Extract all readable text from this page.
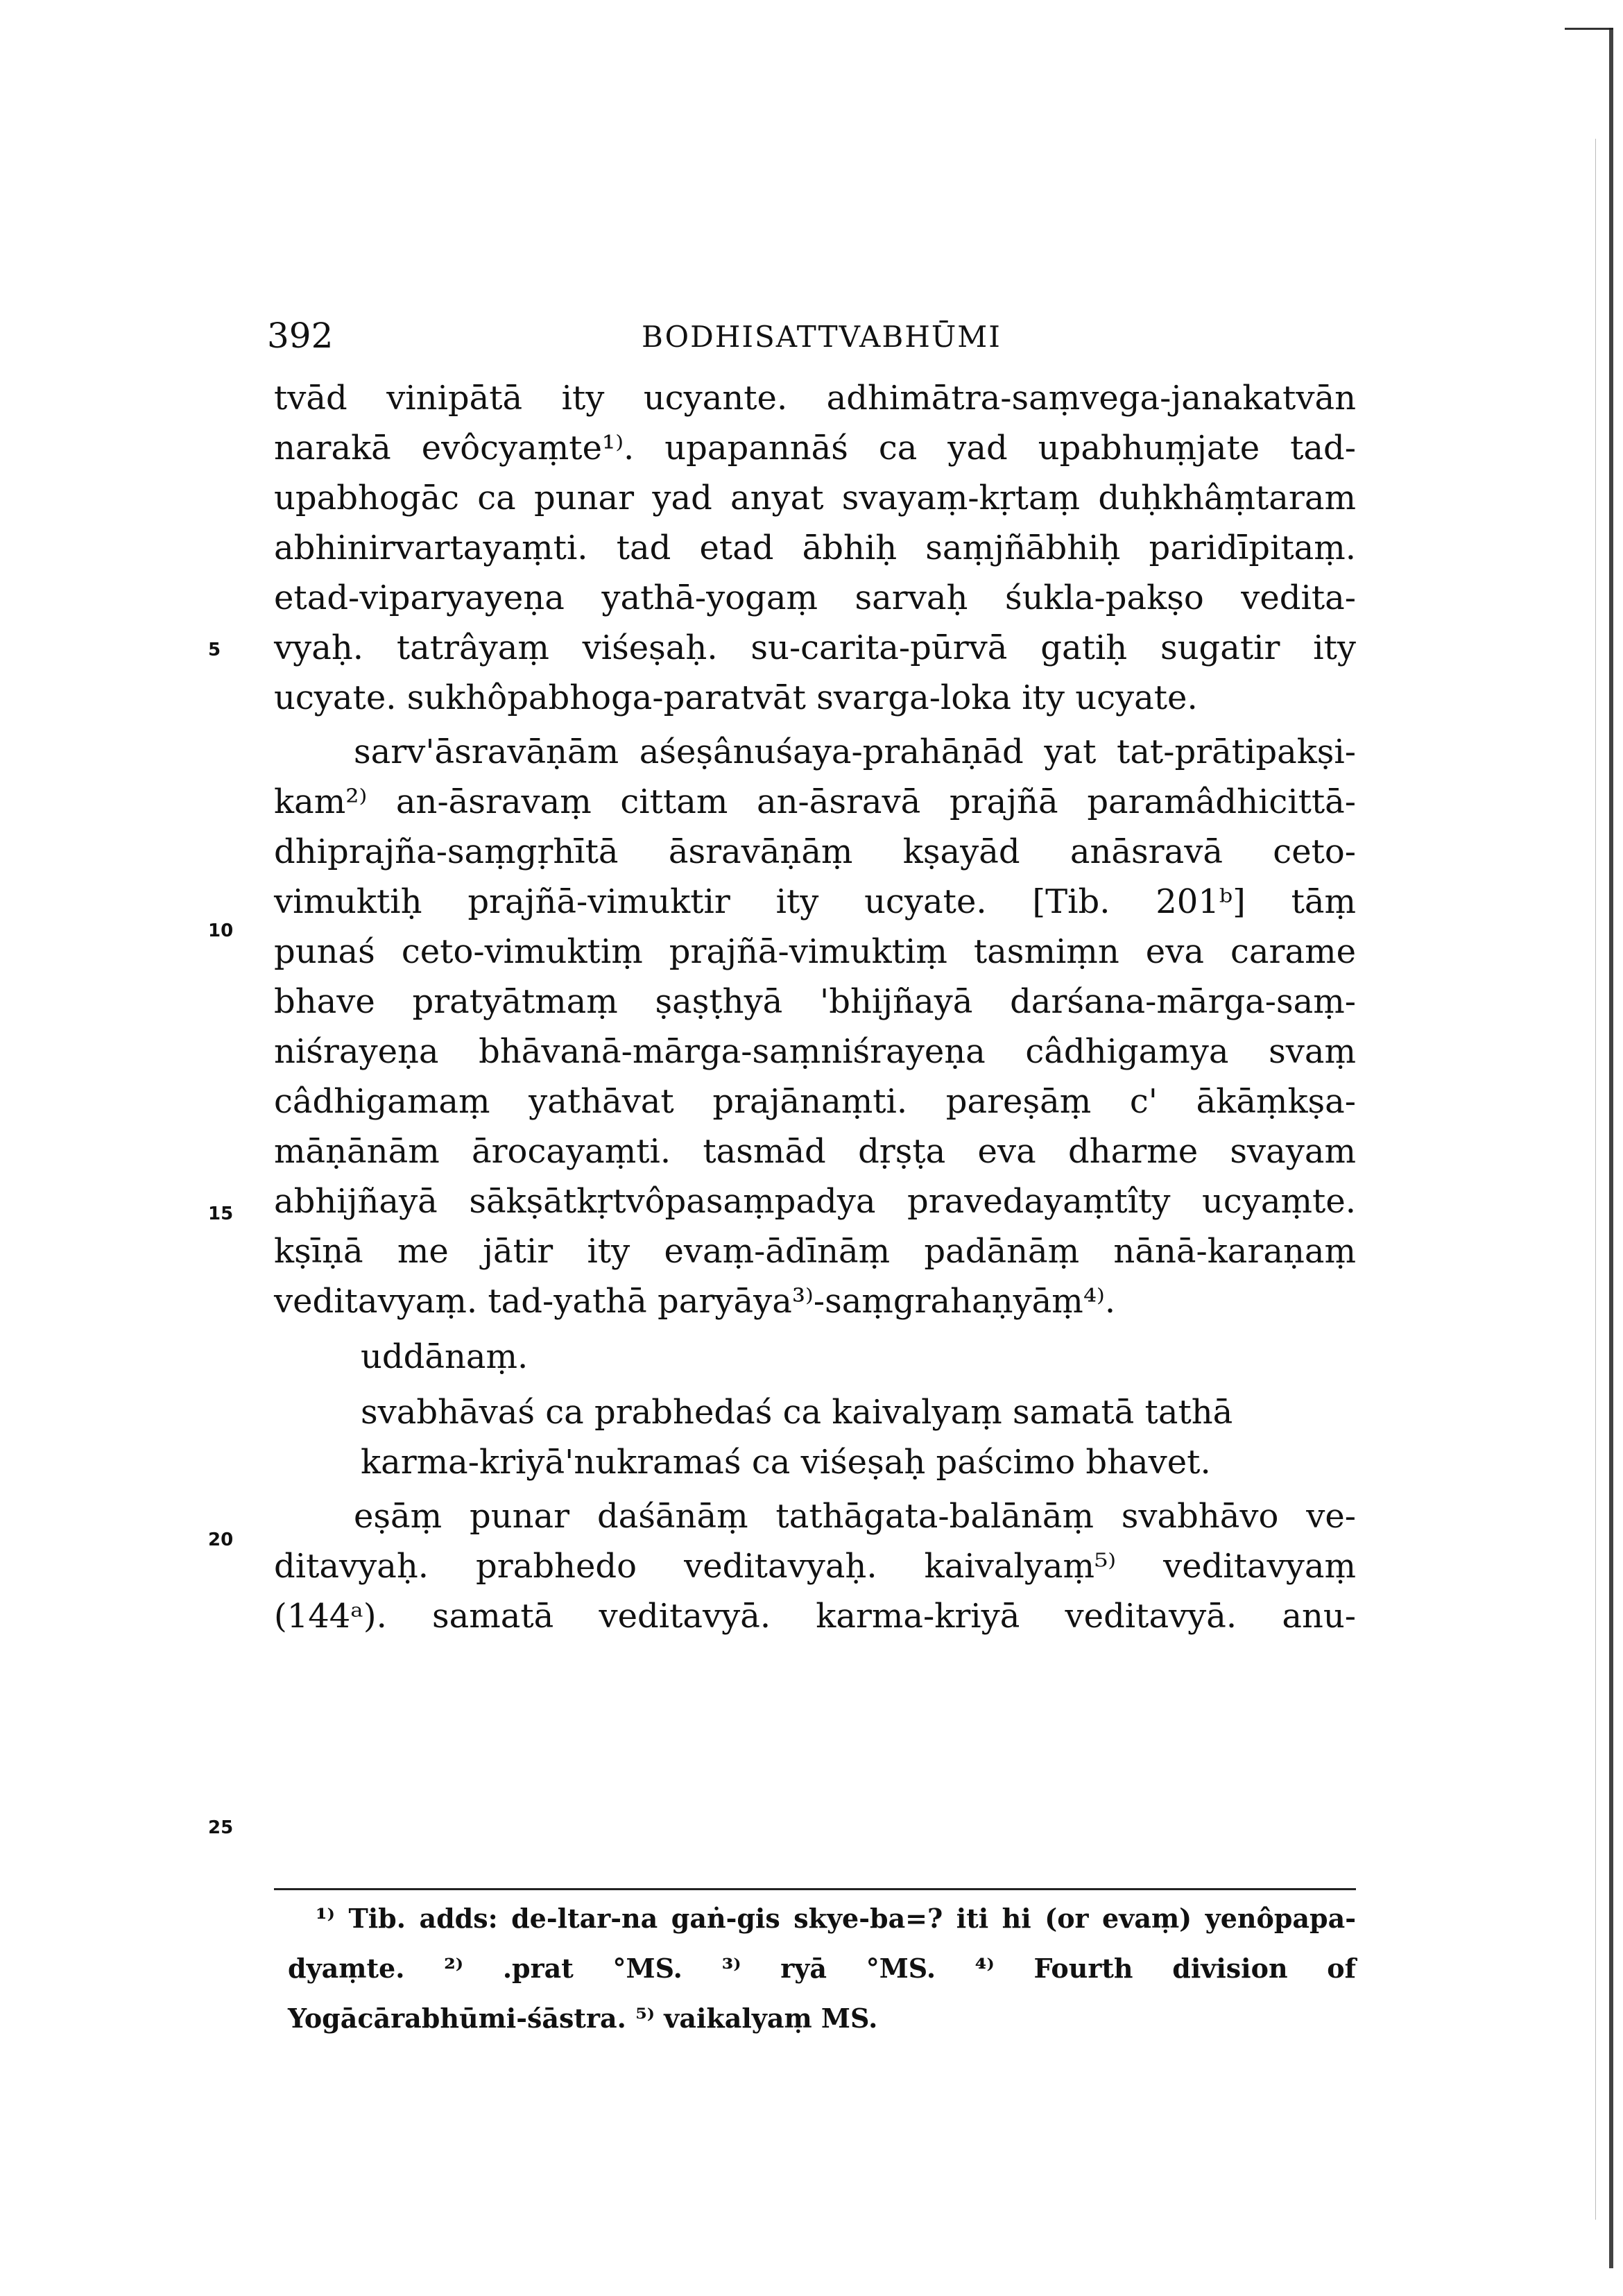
392	BODHISATTVABHŪMI
5
10
15
20
25
tvād vinipātā ity ucyante. adhimātra-saṃvega-janakatvān
narakā evôcyaṃte¹⁾. upapannāś ca yad upabhuṃjate tad-
upabhogāc ca punar yad anyat svayaṃ-kṛtaṃ duḥkhâṃtaram
abhinirvartayaṃti. tad etad ābhiḥ saṃjñābhiḥ paridīpitaṃ.
etad-viparyayeṇa yathā-yogaṃ sarvaḥ śukla-pakṣo vedita-
vyaḥ. tatrâyaṃ viśeṣaḥ. su-carita-pūrvā gatiḥ sugatir ity
ucyate. sukhôpabhoga-paratvāt svarga-loka ity ucyate.
sarv'āsravāṇām aśeṣânuśaya-prahāṇād yat tat-prātipakṣi-
kam²⁾ an-āsravaṃ cittam an-āsravā prajñā paramâdhicittā-
dhiprajña-saṃgṛhītā āsravāṇāṃ kṣayād anāsravā ceto-
vimuktiḥ prajñā-vimuktir ity ucyate. [Tib. 201ᵇ] tāṃ
punaś ceto-vimuktiṃ prajñā-vimuktiṃ tasmiṃn eva carame
bhave pratyātmaṃ ṣaṣṭhyā 'bhijñayā darśana-mārga-saṃ-
niśrayeṇa bhāvanā-mārga-saṃniśrayeṇa câdhigamya svaṃ
câdhigamaṃ yathāvat prajānaṃti. pareṣāṃ c' ākāṃkṣa-
māṇānām ārocayaṃti. tasmād dṛṣṭa eva dharme svayam
abhijñayā sākṣātkṛtvôpasaṃpadya pravedayaṃtîty ucyaṃte.
kṣīṇā me jātir ity evaṃ-ādīnāṃ padānāṃ nānā-karaṇaṃ
veditavyaṃ. tad-yathā paryāya³⁾-saṃgrahaṇyāṃ⁴⁾.
uddānaṃ.
svabhāvaś ca prabhedaś ca kaivalyaṃ samatā tathā
karma-kriyā'nukramaś ca viśeṣaḥ paścimo bhavet.
eṣāṃ punar daśānāṃ tathāgata-balānāṃ svabhāvo ve-
ditavyaḥ. prabhedo veditavyaḥ. kaivalyaṃ⁵⁾ veditavyaṃ
(144ᵃ). samatā veditavyā. karma-kriyā veditavyā. anu-
¹⁾ Tib. adds: de-ltar-na gaṅ-gis skye-ba=? iti hi (or evaṃ) yenôpapa-
dyaṃte. ²⁾ .prat °MS. ³⁾ ryā °MS. ⁴⁾ Fourth division of
Yogācārabhūmi-śāstra. ⁵⁾ vaikalyaṃ MS.
